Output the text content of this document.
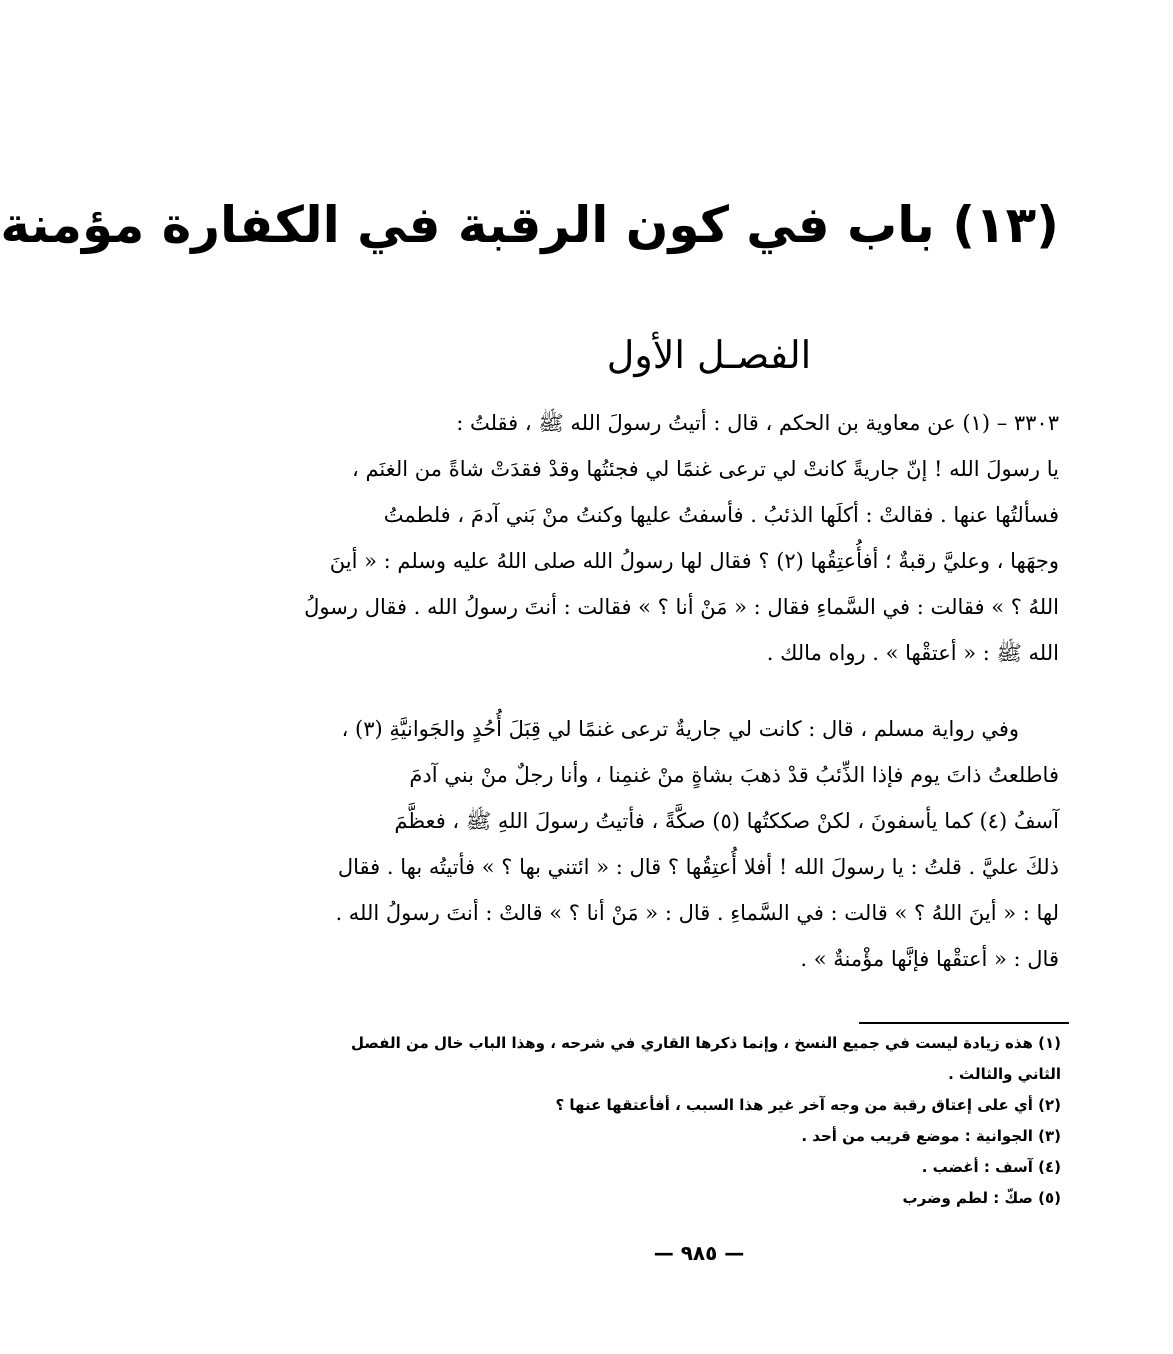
(١٣) باب في كون الرقبة في الكفارة مؤمنة
الفصـل الأول
٣٣٠٣ – (١) عن معاوية بن الحكم ، قال : أتيتُ رسولَ الله ﷺ ، فقلتُ :
يا رسولَ الله ! إنّ جاريةً كانتْ لي ترعى غنمًا لي فجئتُها وقدْ فقدَتْ شاةً من الغنَم ،
فسألتُها عنها . فقالتْ : أكلَها الذئبُ . فأسفتُ عليها وكنتُ منْ بَني آدمَ ، فلطمتُ
وجهَها ، وعليَّ رقبةٌ ؛ أفأُعتِقُها (٢) ؟ فقال لها رسولُ الله صلى اللهُ عليه وسلم : « أينَ
اللهُ ؟ » فقالت : في السَّماءِ فقال : « مَنْ أنا ؟ » فقالت : أنتَ رسولُ الله . فقال رسولُ
الله ﷺ : « أعتقْها » . رواه مالك .
وفي رواية مسلم ، قال : كانت لي جاريةٌ ترعى غنمًا لي قِبَلَ أُحُدٍ والجَوانيَّةِ (٣) ،
فاطلعتُ ذاتَ يوم فإذا الذِّئبُ قدْ ذهبَ بشاةٍ منْ غنمِنا ، وأنا رجلٌ منْ بني آدمَ
آسفُ (٤) كما يأسفونَ ، لكنْ صككتُها (٥) صكَّةً ، فأتيتُ رسولَ اللهِ ﷺ ، فعظَّمَ
ذلكَ عليَّ . قلتُ : يا رسولَ الله ! أفلا أُعتِقُها ؟ قال : « ائتني بها ؟ » فأتيتُه بها . فقال
لها : « أينَ اللهُ ؟ » قالت : في السَّماءِ . قال : « مَنْ أنا ؟ » قالتْ : أنتَ رسولُ الله .
قال : « أعتقْها فإنَّها مؤْمنةٌ » .
(١) هذه زيادة ليست في جميع النسخ ، وإنما ذكرها القاري في شرحه ، وهذا الباب خال من الفصل الثاني والثالث .
(٢) أي على إعتاق رقبة من وجه آخر غير هذا السبب ، أفأعتقها عنها ؟
(٣) الجوانية : موضع قريب من أحد .
(٤) آسف : أغضب .
(٥) صكّ : لطم وضرب
— ٩٨٥ —
